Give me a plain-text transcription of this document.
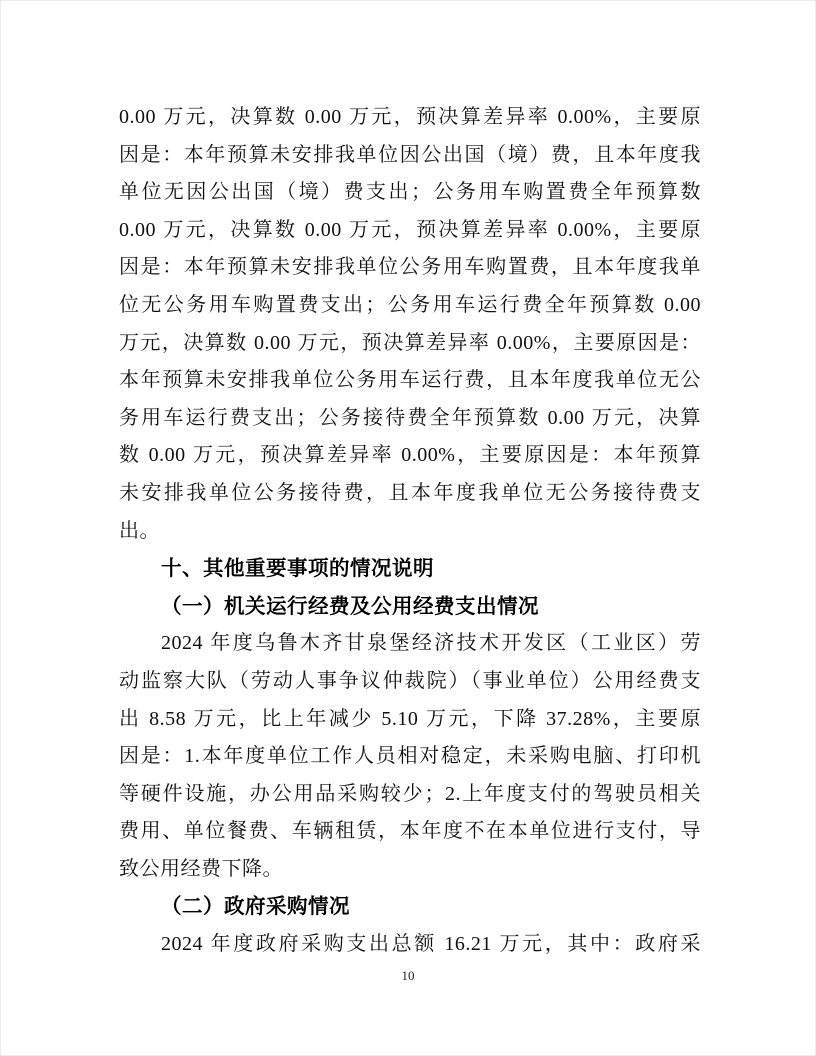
0.00 万元，决算数 0.00 万元，预决算差异率 0.00%，主要原
因是：本年预算未安排我单位因公出国（境）费，且本年度我
单位无因公出国（境）费支出；公务用车购置费全年预算数
0.00 万元，决算数 0.00 万元，预决算差异率 0.00%，主要原
因是：本年预算未安排我单位公务用车购置费，且本年度我单
位无公务用车购置费支出；公务用车运行费全年预算数 0.00
万元，决算数 0.00 万元，预决算差异率 0.00%，主要原因是：
本年预算未安排我单位公务用车运行费，且本年度我单位无公
务用车运行费支出；公务接待费全年预算数 0.00 万元，决算
数 0.00 万元，预决算差异率 0.00%，主要原因是：本年预算
未安排我单位公务接待费，且本年度我单位无公务接待费支
出。
十、其他重要事项的情况说明
（一）机关运行经费及公用经费支出情况
2024 年度乌鲁木齐甘泉堡经济技术开发区（工业区）劳
动监察大队（劳动人事争议仲裁院）（事业单位）公用经费支
出 8.58 万元，比上年减少 5.10 万元，下降 37.28%，主要原
因是：1.本年度单位工作人员相对稳定，未采购电脑、打印机
等硬件设施，办公用品采购较少；2.上年度支付的驾驶员相关
费用、单位餐费、车辆租赁，本年度不在本单位进行支付，导
致公用经费下降。
（二）政府采购情况
2024 年度政府采购支出总额 16.21 万元，其中：政府采
10
